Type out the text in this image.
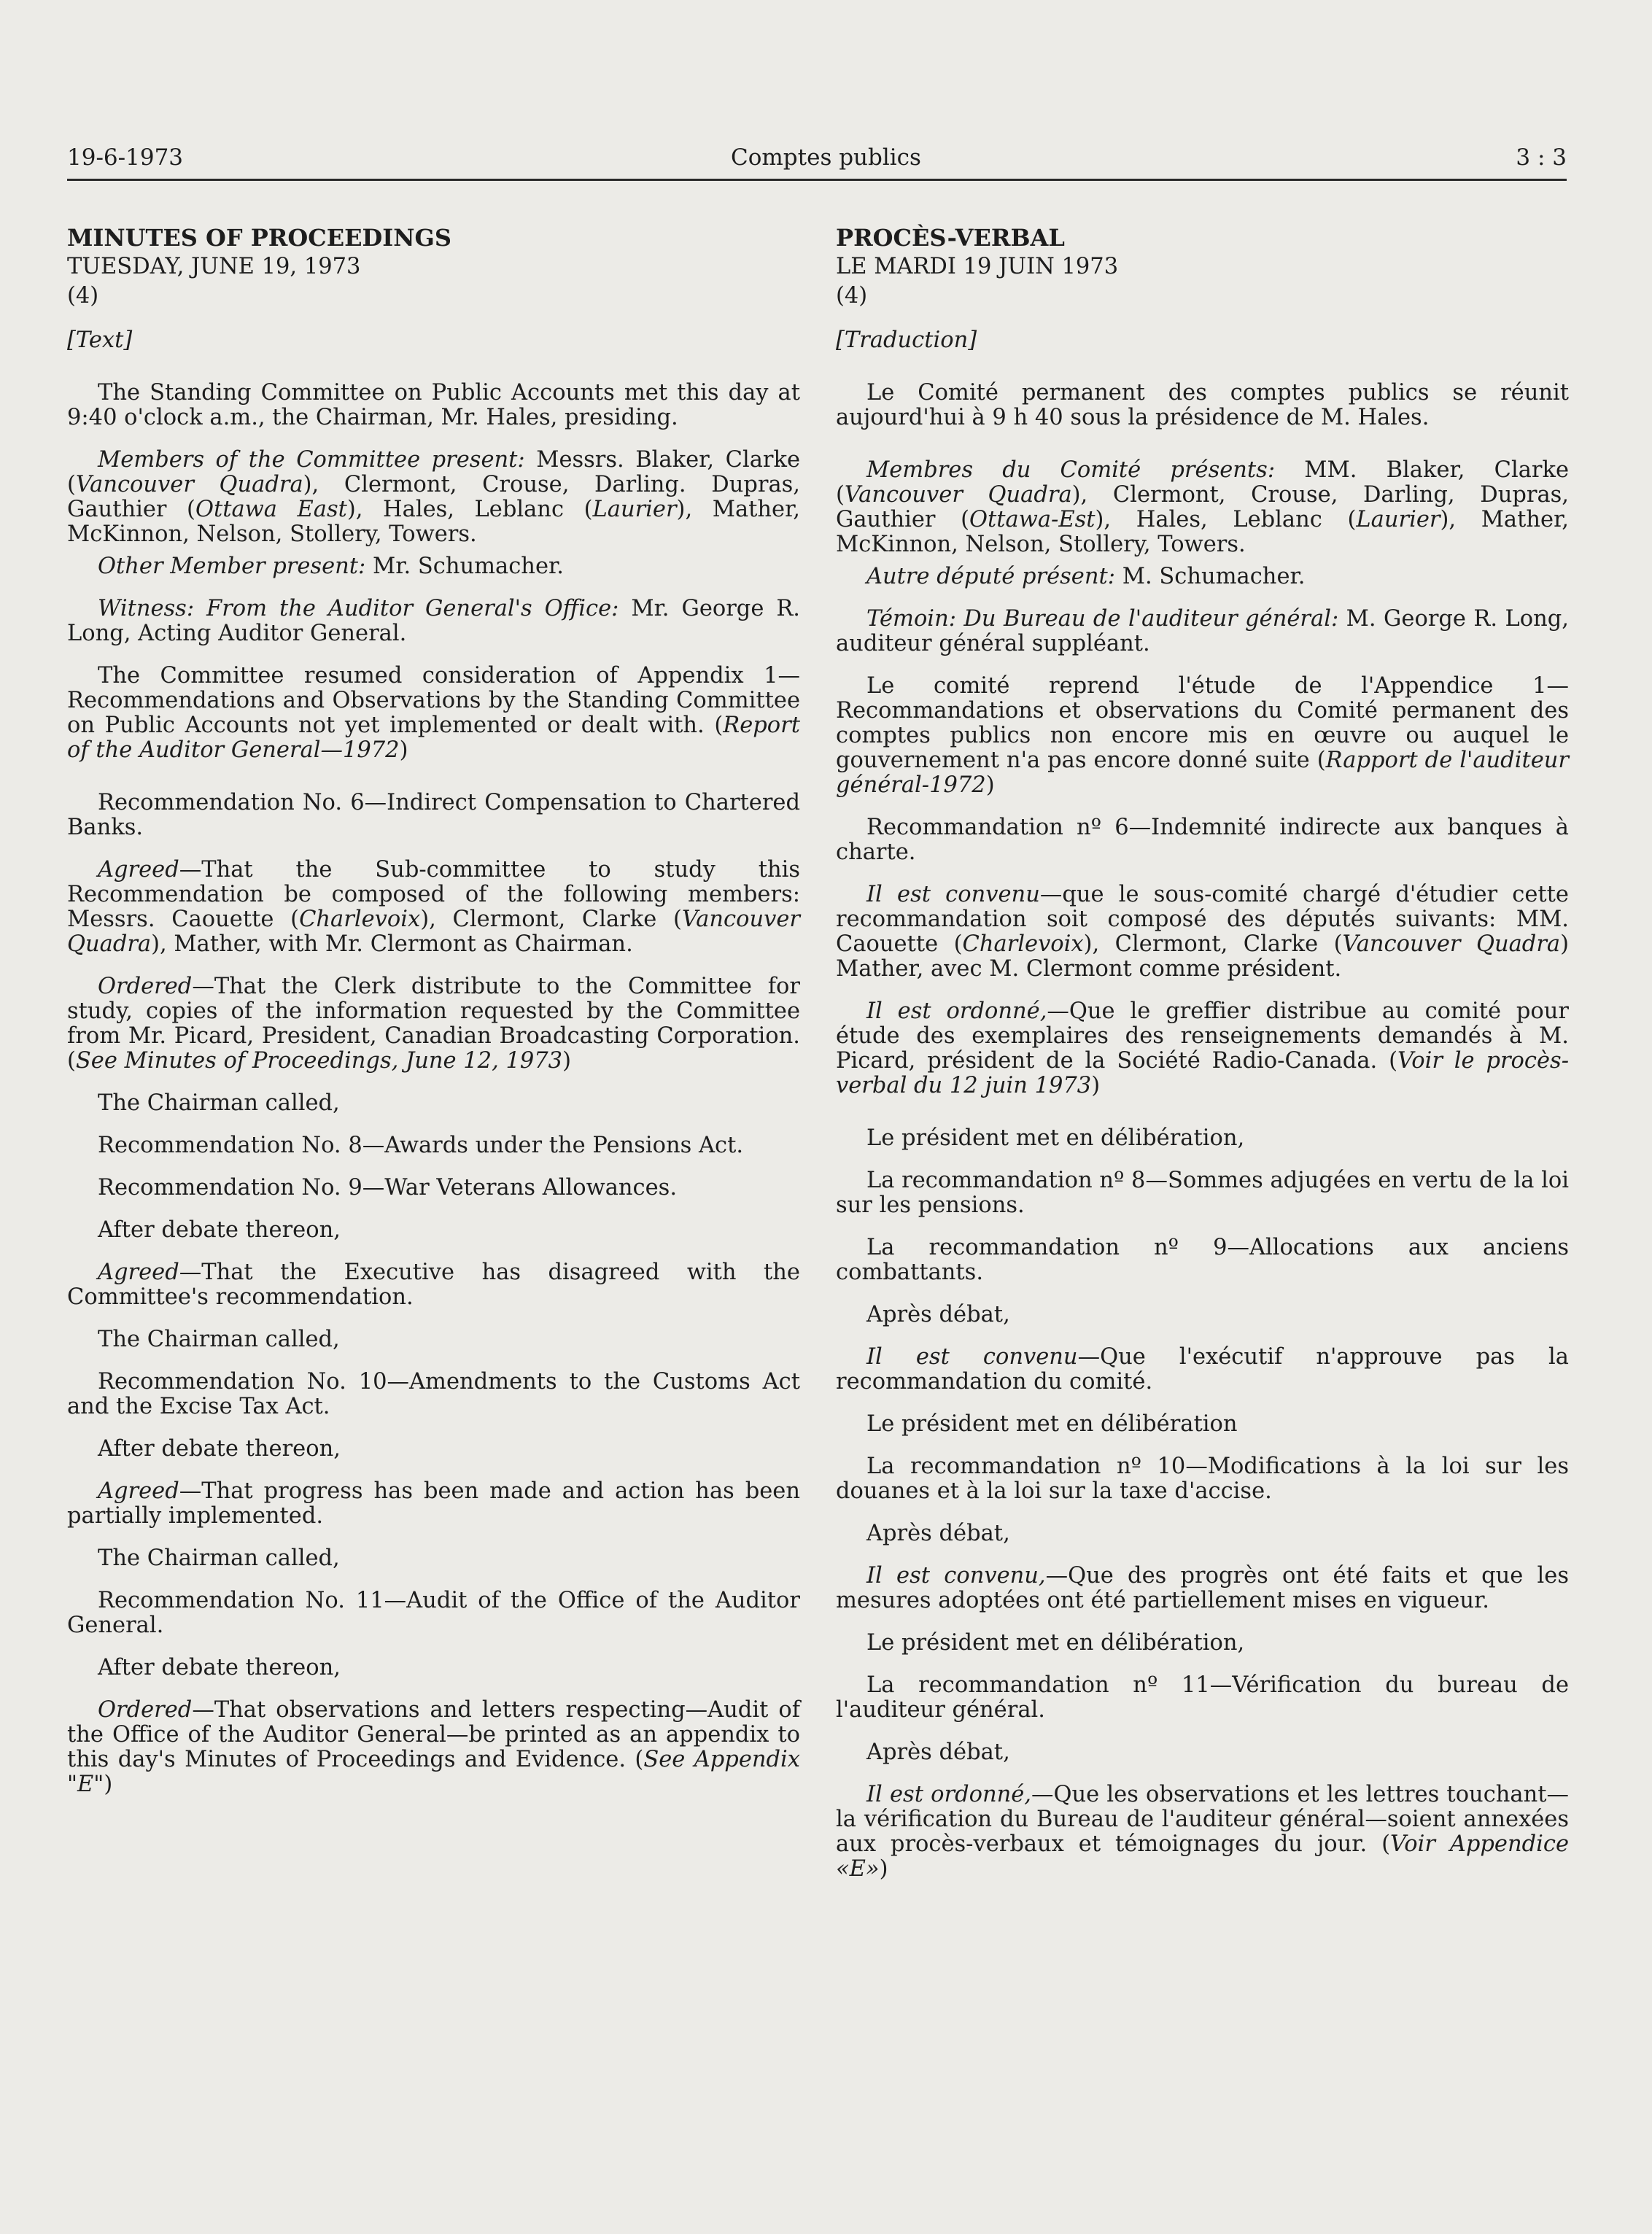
19-6-1973	Comptes publics	3 : 3

MINUTES OF PROCEEDINGS

TUESDAY, JUNE 19, 1973

(4)

[Text]

The Standing Committee on Public Accounts met this day at 9:40 o'clock a.m., the Chairman, Mr. Hales, presiding.

Members of the Committee present: Messrs. Blaker, Clarke (Vancouver Quadra), Clermont, Crouse, Darling. Dupras, Gauthier (Ottawa East), Hales, Leblanc (Laurier), Mather, McKinnon, Nelson, Stollery, Towers.

Other Member present: Mr. Schumacher.

Witness: From the Auditor General's Office: Mr. George R. Long, Acting Auditor General.

The Committee resumed consideration of Appendix 1—Recommendations and Observations by the Standing Committee on Public Accounts not yet implemented or dealt with. (Report of the Auditor General—1972)

Recommendation No. 6—Indirect Compensation to Chartered Banks.

Agreed—That the Sub-committee to study this Recommendation be composed of the following members: Messrs. Caouette (Charlevoix), Clermont, Clarke (Vancouver Quadra), Mather, with Mr. Clermont as Chairman.

Ordered—That the Clerk distribute to the Committee for study, copies of the information requested by the Committee from Mr. Picard, President, Canadian Broadcasting Corporation. (See Minutes of Proceedings, June 12, 1973)

The Chairman called,

Recommendation No. 8—Awards under the Pensions Act.

Recommendation No. 9—War Veterans Allowances.

After debate thereon,

Agreed—That the Executive has disagreed with the Committee's recommendation.

The Chairman called,

Recommendation No. 10—Amendments to the Customs Act and the Excise Tax Act.

After debate thereon,

Agreed—That progress has been made and action has been partially implemented.

The Chairman called,

Recommendation No. 11—Audit of the Office of the Auditor General.

After debate thereon,

Ordered—That observations and letters respecting—Audit of the Office of the Auditor General—be printed as an appendix to this day's Minutes of Proceedings and Evidence. (See Appendix "E")

PROCÈS-VERBAL

LE MARDI 19 JUIN 1973

(4)

[Traduction]

Le Comité permanent des comptes publics se réunit aujourd'hui à 9 h 40 sous la présidence de M. Hales.

Membres du Comité présents: MM. Blaker, Clarke (Vancouver Quadra), Clermont, Crouse, Darling, Dupras, Gauthier (Ottawa-Est), Hales, Leblanc (Laurier), Mather, McKinnon, Nelson, Stollery, Towers.

Autre député présent: M. Schumacher.

Témoin: Du Bureau de l'auditeur général: M. George R. Long, auditeur général suppléant.

Le comité reprend l'étude de l'Appendice 1—Recommandations et observations du Comité permanent des comptes publics non encore mis en œuvre ou auquel le gouvernement n'a pas encore donné suite (Rapport de l'auditeur général-1972)

Recommandation nº 6—Indemnité indirecte aux banques à charte.

Il est convenu—que le sous-comité chargé d'étudier cette recommandation soit composé des députés suivants: MM. Caouette (Charlevoix), Clermont, Clarke (Vancouver Quadra) Mather, avec M. Clermont comme président.

Il est ordonné,—Que le greffier distribue au comité pour étude des exemplaires des renseignements demandés à M. Picard, président de la Société Radio-Canada. (Voir le procès-verbal du 12 juin 1973)

Le président met en délibération,

La recommandation nº 8—Sommes adjugées en vertu de la loi sur les pensions.

La recommandation nº 9—Allocations aux anciens combattants.

Après débat,

Il est convenu—Que l'exécutif n'approuve pas la recommandation du comité.

Le président met en délibération

La recommandation nº 10—Modifications à la loi sur les douanes et à la loi sur la taxe d'accise.

Après débat,

Il est convenu,—Que des progrès ont été faits et que les mesures adoptées ont été partiellement mises en vigueur.

Le président met en délibération,

La recommandation nº 11—Vérification du bureau de l'auditeur général.

Après débat,

Il est ordonné,—Que les observations et les lettres touchant—la vérification du Bureau de l'auditeur général—soient annexées aux procès-verbaux et témoignages du jour. (Voir Appendice «E»)
